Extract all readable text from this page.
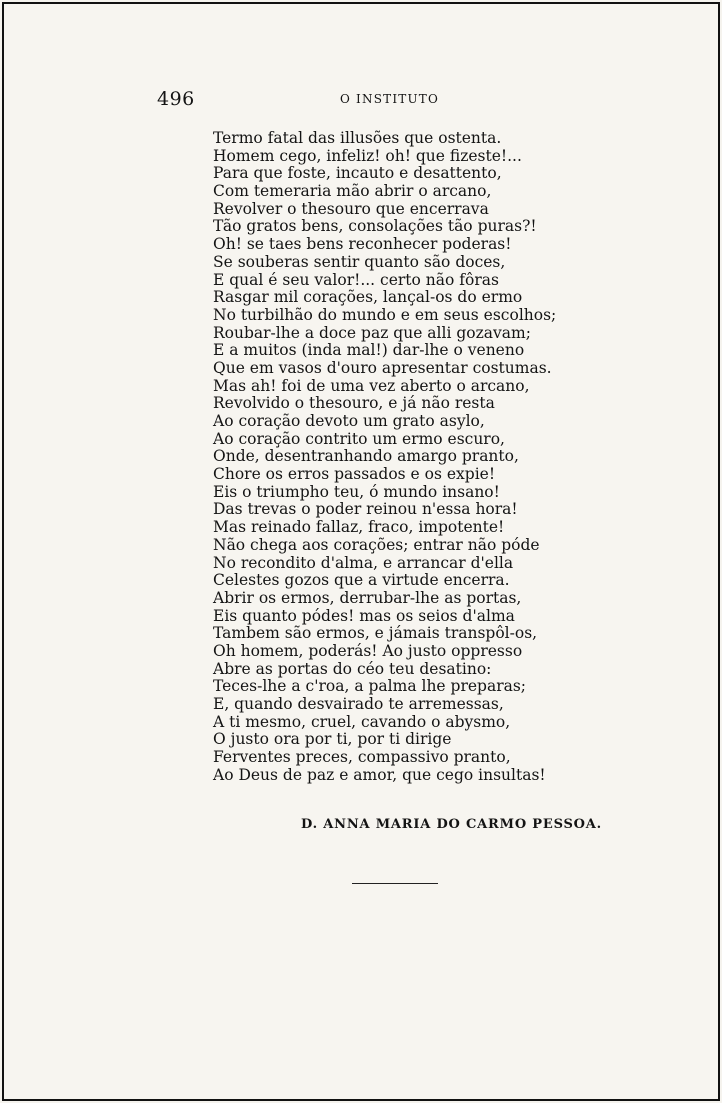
496	O INSTITUTO
Termo fatal das illusões que ostenta.
Homem cego, infeliz! oh! que fizeste!...
Para que foste, incauto e desattento,
Com temeraria mão abrir o arcano,
Revolver o thesouro que encerrava
Tão gratos bens, consolações tão puras?!
Oh! se taes bens reconhecer poderas!
Se souberas sentir quanto são doces,
E qual é seu valor!... certo não fôras
Rasgar mil corações, lançal-os do ermo
No turbilhão do mundo e em seus escolhos;
Roubar-lhe a doce paz que alli gozavam;
E a muitos (inda mal!) dar-lhe o veneno
Que em vasos d'ouro apresentar costumas.
Mas ah! foi de uma vez aberto o arcano,
Revolvido o thesouro, e já não resta
Ao coração devoto um grato asylo,
Ao coração contrito um ermo escuro,
Onde, desentranhando amargo pranto,
Chore os erros passados e os expie!
Eis o triumpho teu, ó mundo insano!
Das trevas o poder reinou n'essa hora!
Mas reinado fallaz, fraco, impotente!
Não chega aos corações; entrar não póde
No recondito d'alma, e arrancar d'ella
Celestes gozos que a virtude encerra.
Abrir os ermos, derrubar-lhe as portas,
Eis quanto pódes! mas os seios d'alma
Tambem são ermos, e jámais transpôl-os,
Oh homem, poderás! Ao justo oppresso
Abre as portas do céo teu desatino:
Teces-lhe a c'roa, a palma lhe preparas;
E, quando desvairado te arremessas,
A ti mesmo, cruel, cavando o abysmo,
O justo ora por ti, por ti dirige
Ferventes preces, compassivo pranto,
Ao Deus de paz e amor, que cego insultas!
D. ANNA MARIA DO CARMO PESSOA.
